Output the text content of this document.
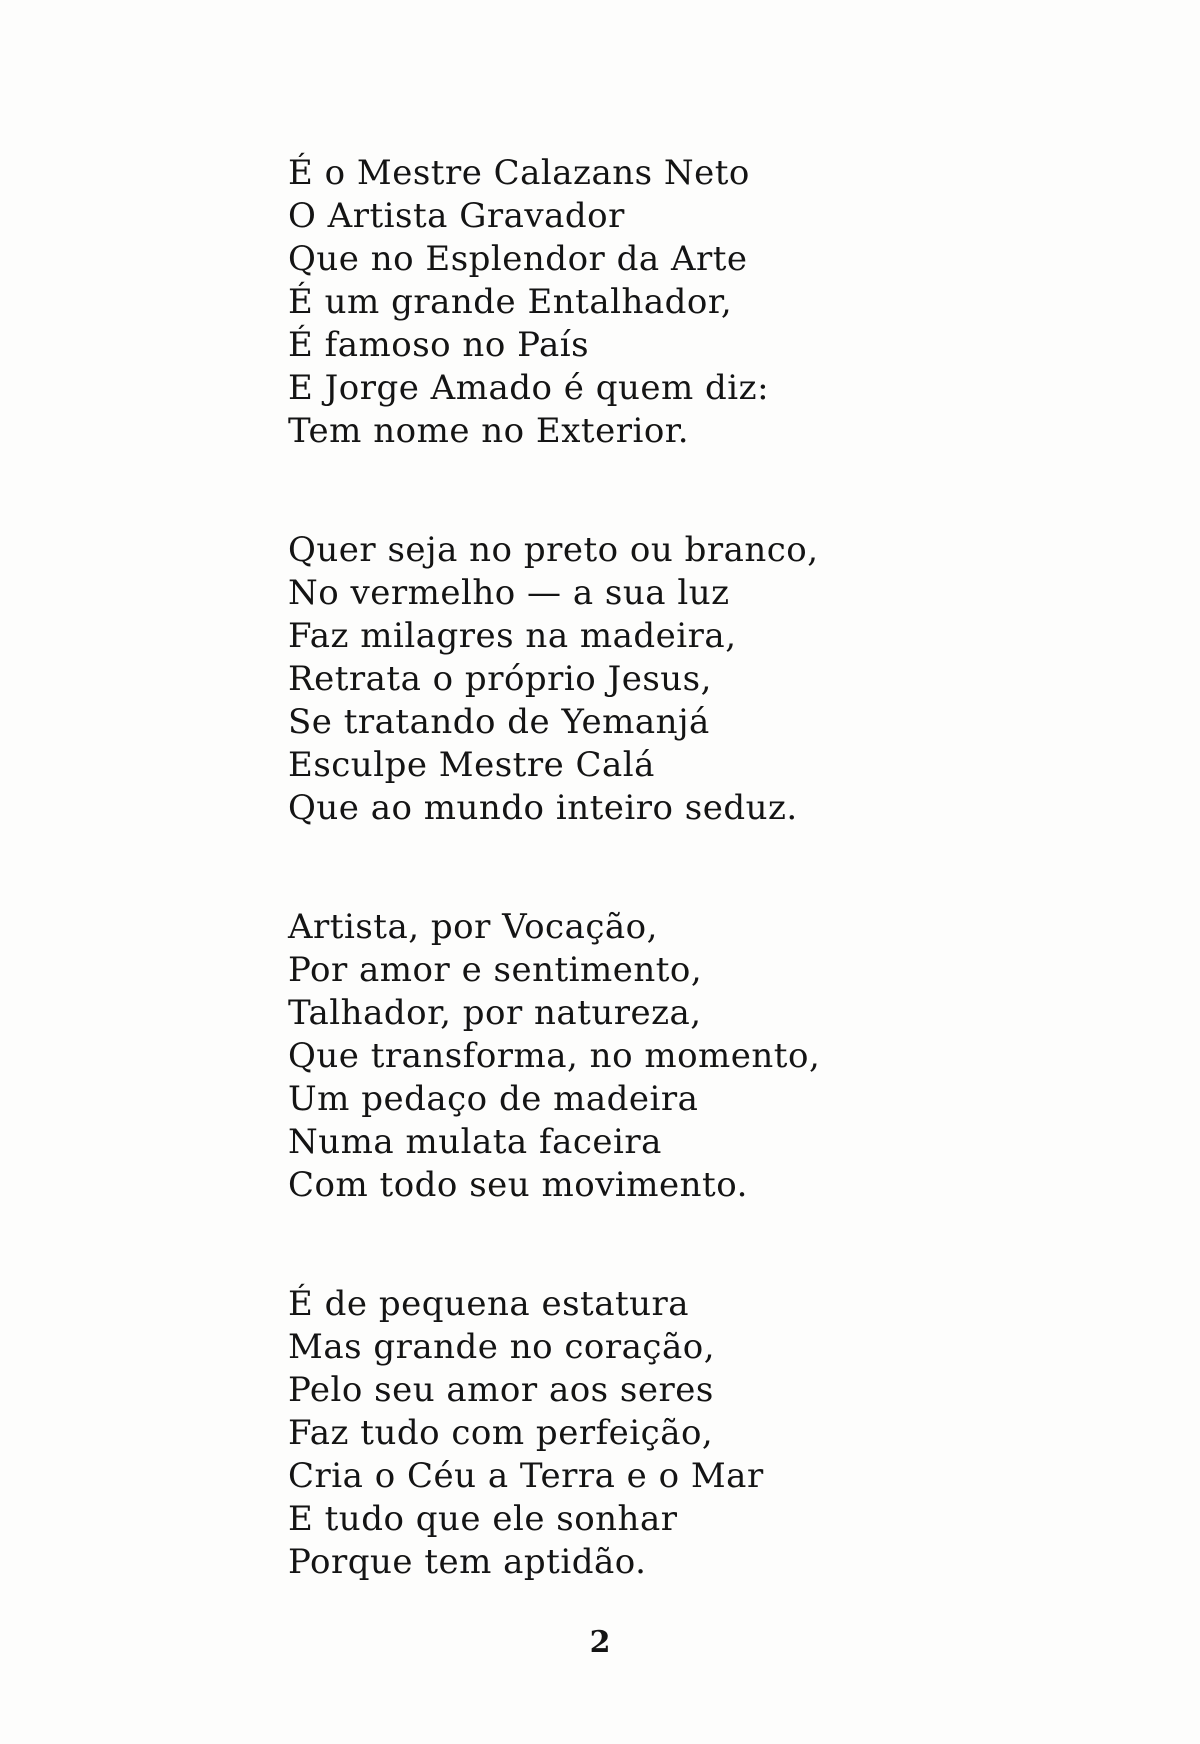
É o Mestre Calazans Neto
O Artista Gravador
Que no Esplendor da Arte
É um grande Entalhador,
É famoso no País
E Jorge Amado é quem diz:
Tem nome no Exterior.
Quer seja no preto ou branco,
No vermelho — a sua luz
Faz milagres na madeira,
Retrata o próprio Jesus,
Se tratando de Yemanjá
Esculpe Mestre Calá
Que ao mundo inteiro seduz.
Artista, por Vocação,
Por amor e sentimento,
Talhador, por natureza,
Que transforma, no momento,
Um pedaço de madeira
Numa mulata faceira
Com todo seu movimento.
É de pequena estatura
Mas grande no coração,
Pelo seu amor aos seres
Faz tudo com perfeição,
Cria o Céu a Terra e o Mar
E tudo que ele sonhar
Porque tem aptidão.
2
